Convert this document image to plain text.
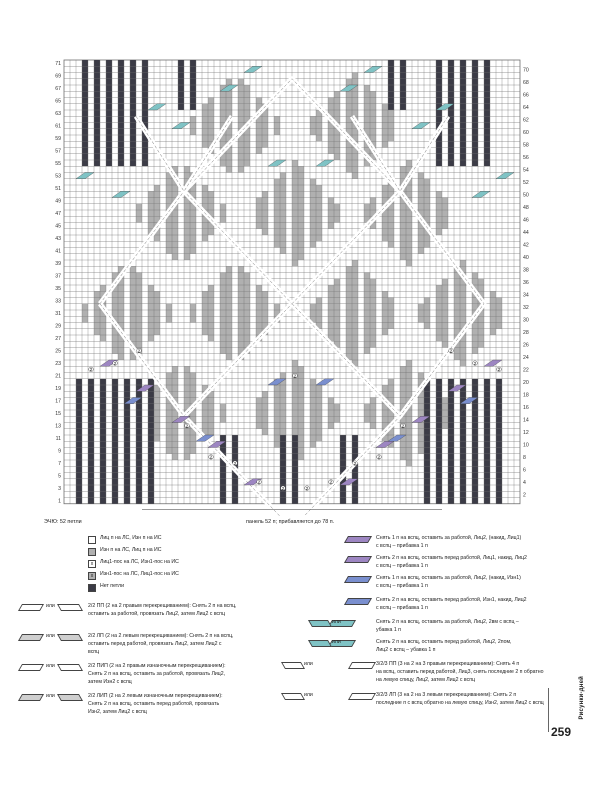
2
2
2
2
2
2
2
2	2
2
2
2
2
2
2
2
2
71
69
67
65
63
61
59
57
55
53
51
49
47
45
43
41
39
37
35
33
31
29
27
25
23
21
19
17
15
13
11
9
7
5
3
1
70
68
66
64
62
60
58
56
54
52
50
48
46
44
42
40
38
36
34
32
30
28
26
24
22
20
18
16
14
12
10
8
6
4
2
ЭЧЮ: 52 петли	панель 52 п; прибавляется до 78 п.
Лиц п на ЛС, Изн п на ИС
Изн п на ЛС, Лиц п на ИС
x	Лиц1-пос на ЛС, Изн1-пос на ИС
x	Изн1-пос на ЛС, Лиц1-пос на ИС
Нет петли
или	2/2 ПП (2 на 2 правым перекрещиванием): Снять 2 п на вспц,
оставить за работой, провязать Лиц2, затем Лиц2 с вспц
или	2/2 ЛП (2 на 2 левым перекрещиванием): Снять 2 п на вспц,
оставить перед работой, провязать Лиц2, затем Лиц2 с вспц
или	2/2 ПИП (2 на 2 правым изнаночным перекрещиванием):
Снять 2 п на вспц, оставить за работой, провязать Лиц2, затем Изн2 с вспц
или	2/2 ЛИП (2 на 2 левым изнаночным перекрещиванием):
Снять 2 п на вспц, оставить перед работой, провязать Изн2, затем Лиц2 с вспц
Снять 1 п на вспц, оставить за работой, Лиц2, (накид, Лиц1)
с вспц – прибавка 1 п
Снять 2 п на вспц, оставить перед работой, Лиц1, накид, Лиц2
с вспц – прибавка 1 п
Снять 1 п на вспц, оставить за работой, Лиц2, (накид, Изн1)
с вспц – прибавка 1 п
Снять 2 п на вспц, оставить перед работой, Изн1, накид, Лиц2
с вспц – прибавка 1 п
или	Снять 2 п на вспц, оставить за работой, Лиц2, 2вм с вспц –
убавка 1 п
или	Снять 2 п на вспц, оставить перед работой, Лиц2, 2пом,
Лиц2 с вспц – убавка 1 п
или	3/2/3 ПП (3 на 2 на 3 правым перекрещиванием): Снять 4 п
на вспц, оставить перед работой, Лиц3, снять последние 2 п обратно на левую спицу, Лиц2, затем Лиц2 с вспц
или	3/2/3 ЛП (3 на 2 на 3 левым перекрещиванием): Снять 2 п
последние п с вспц обратно на левую спицу, Изн2, затем Лиц2 с вспц	Рисунки-дней
259
